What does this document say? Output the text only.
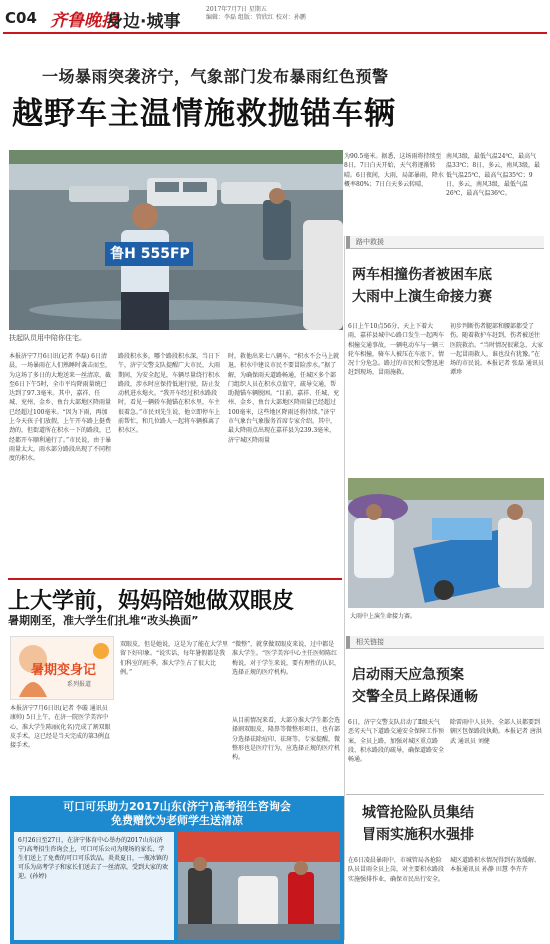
C04 齐鲁晚报
身边·城事
2017年7月7日 星期五
编辑：李磊 组版：管欣红 校对：孙鹏
一场暴雨突袭济宁，气象部门发布暴雨红色预警
越野车主温情施救抛锚车辆
鲁H 555FP
扶起队员用中陪你住宅。
为90.5毫米。据悉，这场雨将持续至8日，7日白天开始，天气将逐渐转晴。6日夜间，大雨，局部暴雨，降水概率80%；7日白天多云转晴，
南风3级，最低气温24℃，最高气温33℃；8日，多云，南风3级，最低气温25℃，最高气温35℃；9日，多云，南风3级，最低气温26℃，最高气温36℃。
本报济宁7月6日讯(记者 李磊) 6日清晨，一场暴雨在人们熟睡时袭击而至，为这场了多日的大地送来一丝清凉，截至6日下午5时，全市平均降雨量统已达到了97.3毫米。其中，嘉祥、任城、兖州、金乡、鱼台大部地区降雨量已经超过100毫米。“因为下雨，再加上今天孩子们放假，上午开车路上挺费劲的，但街道所在积水一下的路段，已经都开车顺利通行了。”市民说，由于暴雨量太大，雨水部分路段出现了不同程度的积水。
路段积水多，哪个路段积水深。当日下午，济宁交警支队提醒广大市民，大雨期间，为安全起见，车辆尽量绕行积水路段，涉水时应保持低速行驶，防止发动机进水熄火。“我开车经过积水路段时，看见一辆轿车抛锚在积水里，车主很着急。”市民刘先生说，他立即停车上前帮忙，和几位路人一起将车辆推离了积水区。
时，救他出来七八辆车。“积水不会马上就退，积水中建议市民不要冒险涉水。”据了解，为确保雨天道路畅通，任城区多个部门组织人员在积水点值守，疏导交通，帮助抛锚车辆脱困。“目前，嘉祥、任城、兖州、金乡、鱼台大部地区降雨量已经超过100毫米，这些地区降雨还将持续。”济宁市气象台气象服务首席专家介绍。其中，最大降雨点出现在嘉祥县为239.3毫米，济宁城区降雨量
路中救援
两车相撞伤者被困车底
大雨中上演生命接力赛
6日上午10点56分，天上下着大雨，嘉祥县城中心路口发生一起两车相撞交通事故，一辆电动车与一辆三轮车相撞，骑车人被压在车底下，情况十分危急。路过的市民和交警迅速赶到现场，冒雨施救。
初步判断伤者腿部和腰部都受了伤。随着救护车赶到，伤者被送往医院救治。“当时情况很紧急，大家一起冒雨救人，谁也没有犹豫。”在场的市民说。本报记者 张磊 通讯员 谭珍
大雨中上演生命接力赛。
相关链接
启动雨天应急预案
交警全员上路保通畅
6日，济宁交警支队启动了Ⅱ级天气恶劣天气下道路交通安全保障工作预案，全员上路，加强对城区重点路段、积水路段的疏导，确保道路安全畅通。
除雷雨中人员外，全部人员都要到辖区包保路段执勤。本报记者 唐洪武 通讯员 刘健
城管抢险队员集结
冒雨实施积水强排
在6日凌晨暴雨中，市城管局各抢险队员冒雨全员上岗，对主要积水路段实施强排作业，确保市民出行安全。
城区道路积水情况得到有效缓解。本报通讯员 孙静 田慧 李卉卉
上大学前，妈妈陪她做双眼皮
暑期刚至，准大学生们扎堆“改头换面”
暑期变身记
系列报道
本报济宁7月6日讯(记者 李璇 通讯员 康帅) 5日上午，在济一院医学美容中心，准大学生陈丽(化名)完成了割双眼皮手术。这已经是当天完成的第3例直接手术。
双眼皮，但是她说，这是为了能在大学里留下好印象。“说实话，每年暑假都是我们科室的旺季，准大学生占了很大比例。”
“微整”，就拿做双眼皮来说，过中都是准大学生。“医学美容中心主任医师陈红梅说，对于学生来说，要有理性的认识，选择正规的医疗机构。
从目前情况来看，大部分准大学生都会选择割双眼皮、隆鼻等微整形项目，也有部分选择祛除痘印、祛斑等。专家提醒，微整形也是医疗行为，应选择正规的医疗机构。
可口可乐助力2017山东(济宁)高考招生咨询会
免费赠饮为老师学生送清凉
6月26日至27日，在济宁体育中心举办的2017山东(济宁)高考招生咨询会上，可口可乐公司为现场的家长、学生们送上了免费的可口可乐饮品。炎炎夏日，一瓶冰镇的可乐为高考学子和家长们送去了一丝清凉，受到大家的欢迎。(孙婷)
